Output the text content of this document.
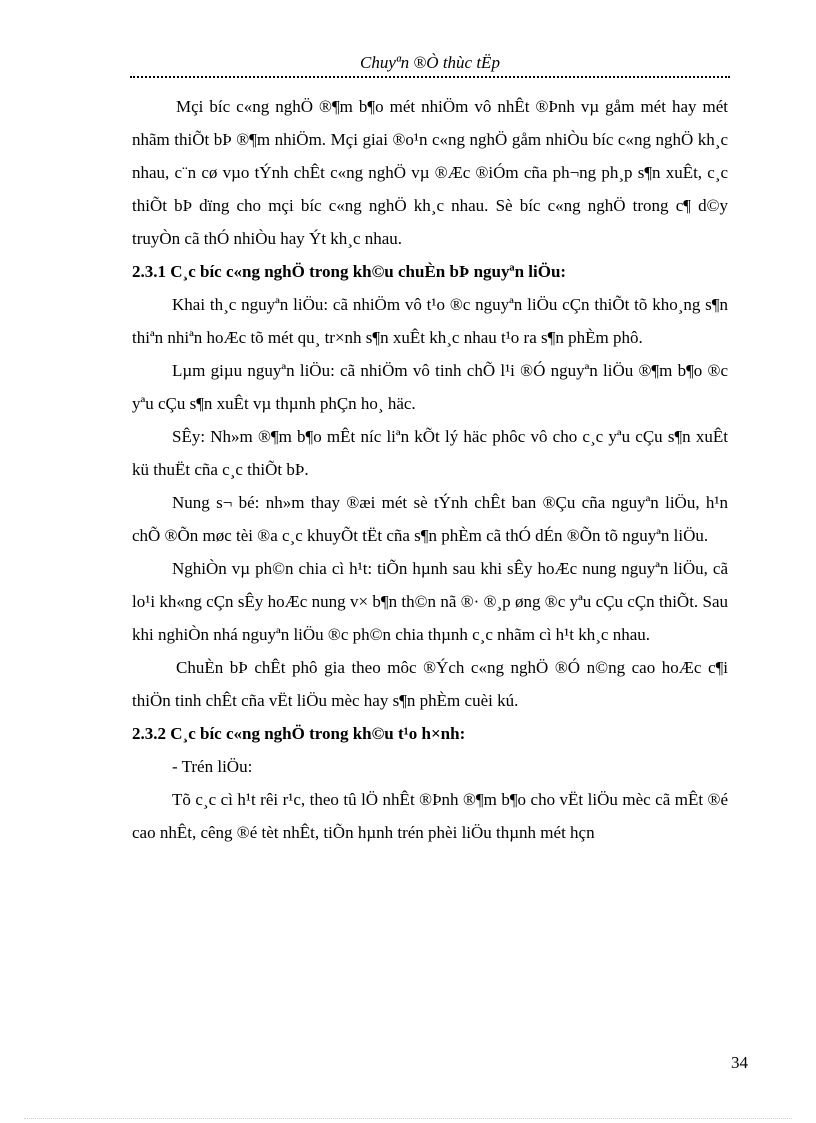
Chuyªn ®Ò thùc tËp

Mçi bíc c«ng nghÖ ®¶m b¶o mét nhiÖm vô nhÊt ®Þnh vµ gåm mét hay mét nhãm thiÕt bÞ ®¶m nhiÖm. Mçi giai ®o¹n c«ng nghÖ gåm nhiÒu bíc c«ng nghÖ kh¸c nhau, c¨n cø vµo tÝnh chÊt c«ng nghÖ vµ ®Æc ®iÓm cña ph¬ng ph¸p s¶n xuÊt, c¸c thiÕt bÞ dïng cho mçi bíc c«ng nghÖ kh¸c nhau. Sè bíc c«ng nghÖ trong c¶ d©y truyÒn cã thÓ nhiÒu hay Ýt kh¸c nhau.

2.3.1 C¸c bíc c«ng nghÖ trong kh©u chuÈn bÞ nguyªn liÖu:

Khai th¸c nguyªn liÖu: cã nhiÖm vô t¹o ®c nguyªn liÖu cÇn thiÕt tõ kho¸ng s¶n thiªn nhiªn hoÆc tõ mét qu¸ tr×nh s¶n xuÊt kh¸c nhau t¹o ra s¶n phÈm phô.

Lµm giµu nguyªn liÖu: cã nhiÖm vô tinh chÕ l¹i ®Ó nguyªn liÖu ®¶m b¶o ®c yªu cÇu s¶n xuÊt vµ thµnh phÇn ho¸ häc.

SÊy: Nh»m ®¶m b¶o mÊt níc liªn kÕt lý häc phôc vô cho c¸c yªu cÇu s¶n xuÊt kü thuËt cña c¸c thiÕt bÞ.

Nung s¬ bé: nh»m thay ®æi mét sè tÝnh chÊt ban ®Çu cña nguyªn liÖu, h¹n chÕ ®Õn møc tèi ®a c¸c khuyÕt tËt cña s¶n phÈm cã thÓ dÉn ®Õn tõ nguyªn liÖu.

NghiÒn vµ ph©n chia cì h¹t: tiÕn hµnh sau khi sÊy hoÆc nung nguyªn liÖu, cã lo¹i kh«ng cÇn sÊy hoÆc nung v× b¶n th©n nã ®· ®¸p øng ®c yªu cÇu cÇn thiÕt. Sau khi nghiÒn nhá nguyªn liÖu ®c ph©n chia thµnh c¸c nhãm cì h¹t kh¸c nhau.

ChuÈn bÞ chÊt phô gia theo môc ®Ých c«ng nghÖ ®Ó n©ng cao hoÆc c¶i thiÖn tinh chÊt cña vËt liÖu mèc hay s¶n phÈm cuèi kú.

2.3.2 C¸c bíc c«ng nghÖ trong kh©u t¹o h×nh:

- Trén liÖu:

Tõ c¸c cì h¹t rêi r¹c, theo tû lÖ nhÊt ®Þnh ®¶m b¶o cho vËt liÖu mèc cã mÊt ®é cao nhÊt, cêng ®é tèt nhÊt, tiÕn hµnh trén phèi liÖu thµnh mét hçn

34
